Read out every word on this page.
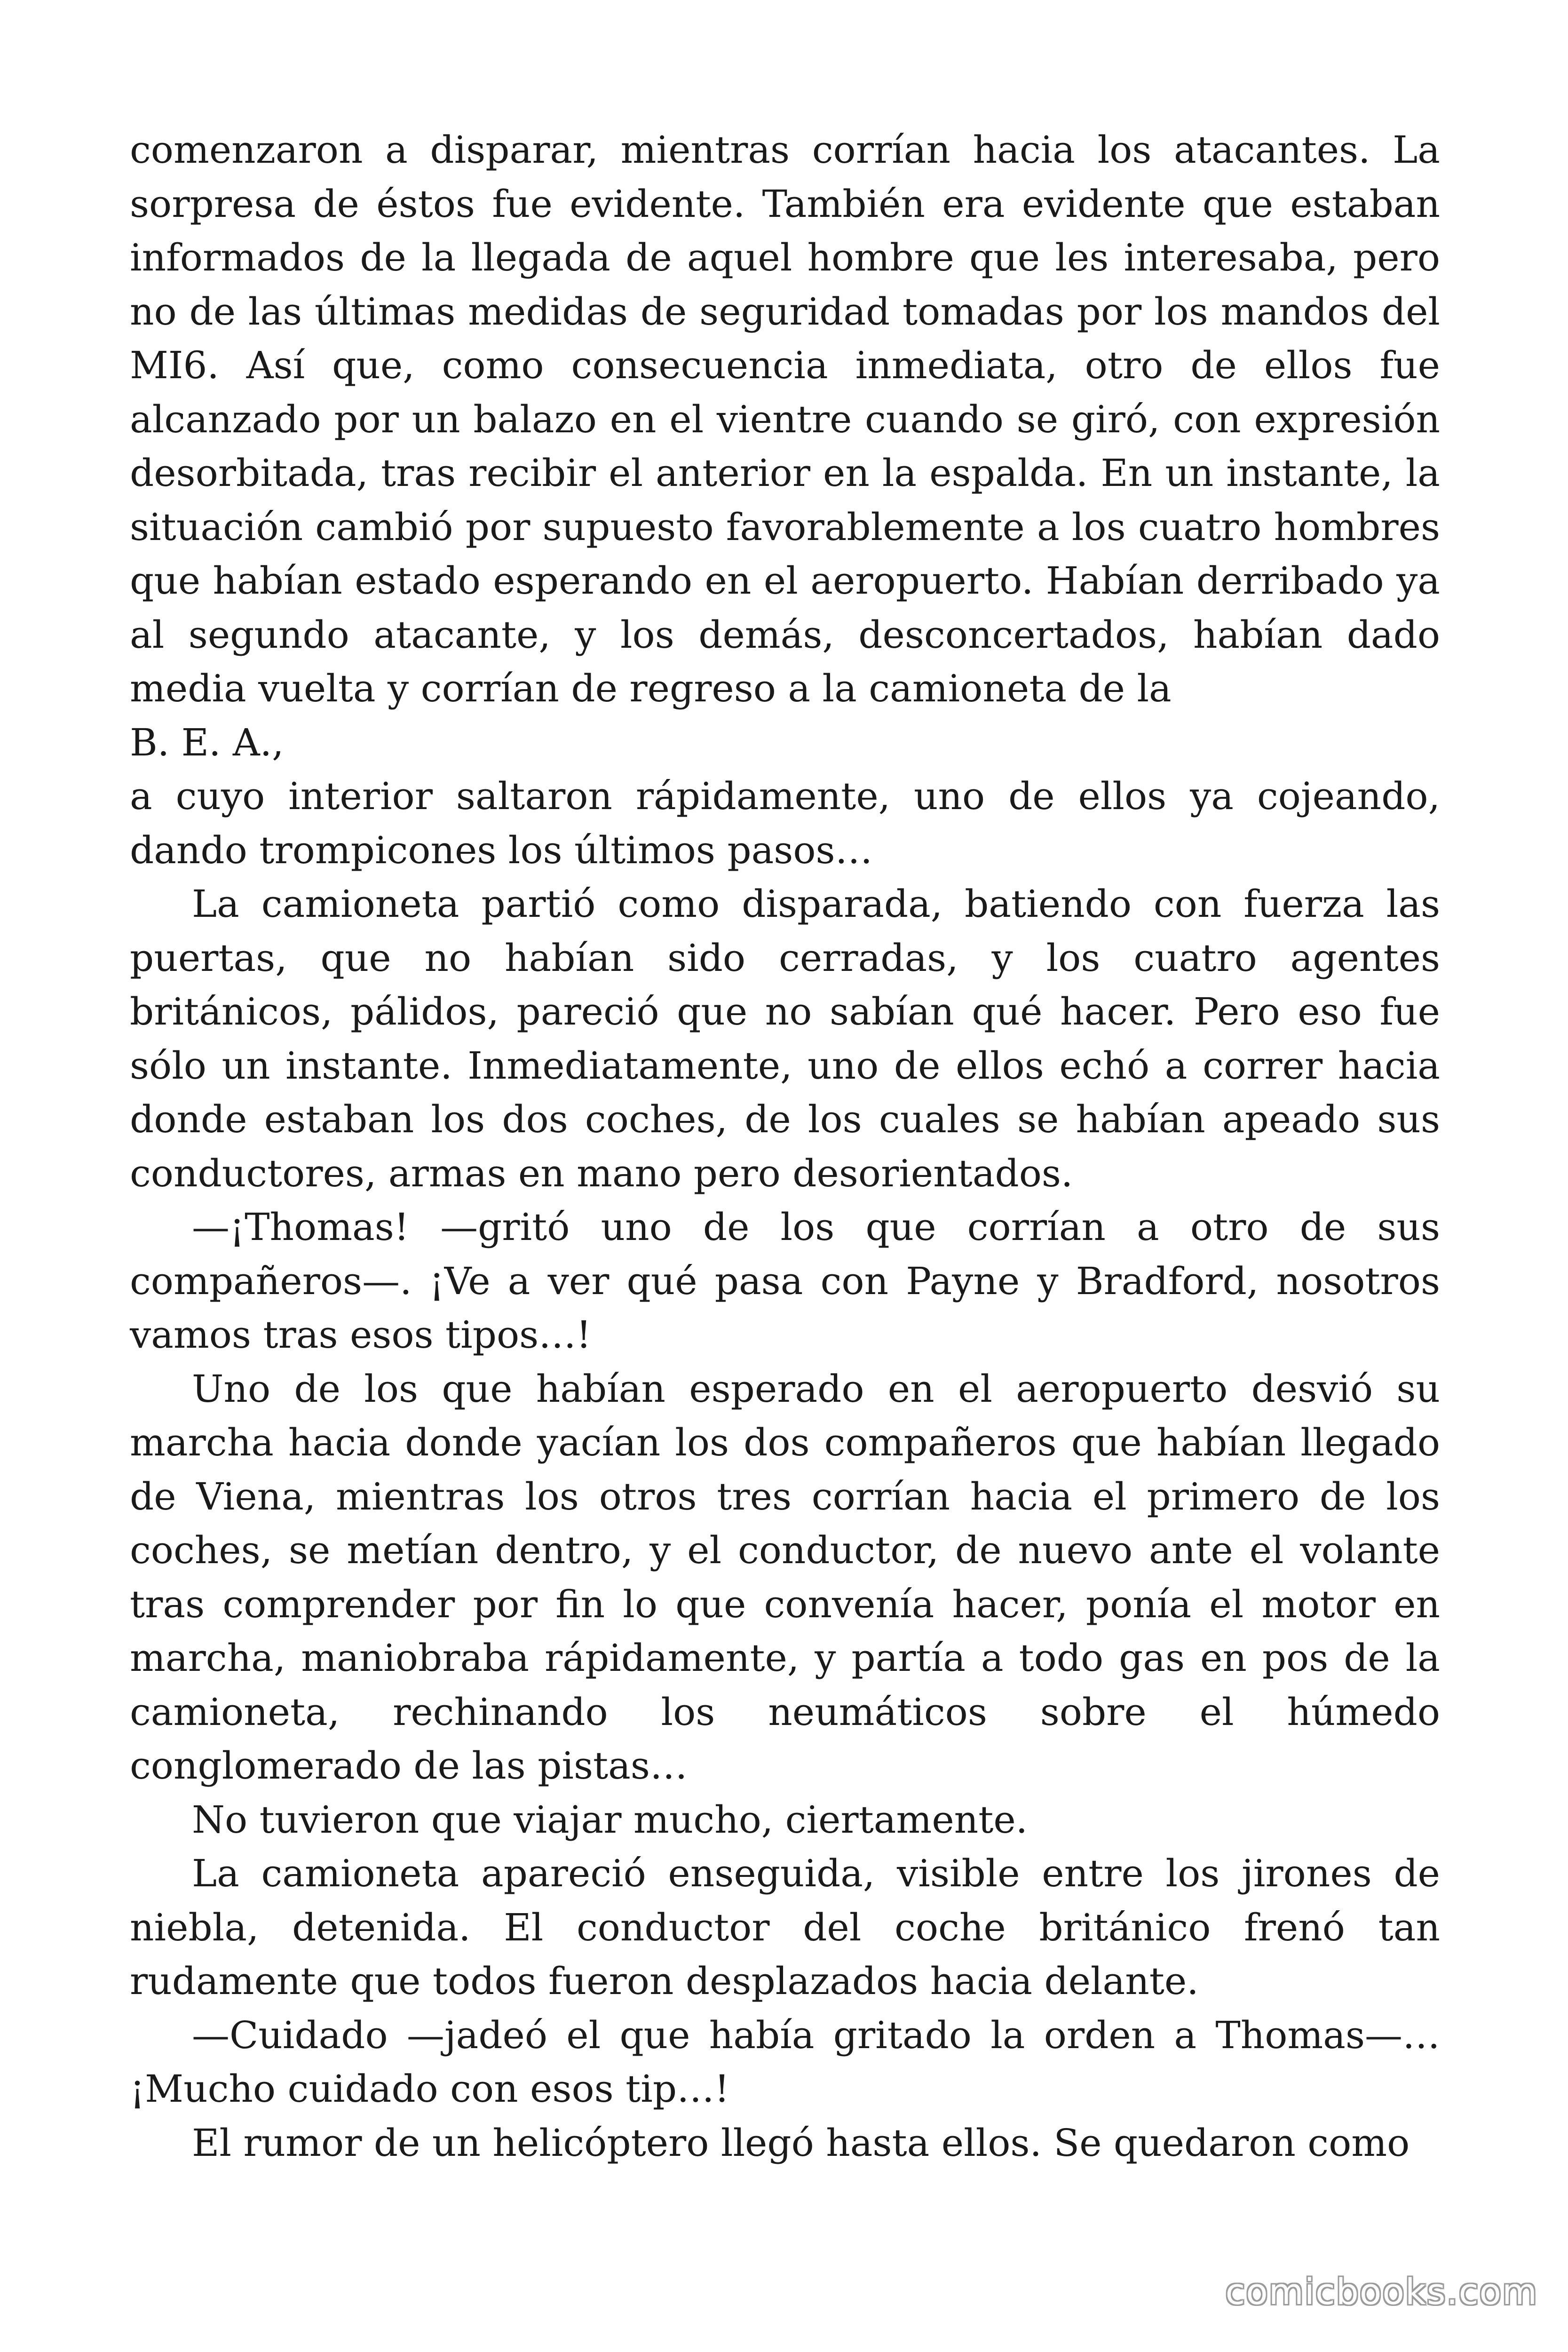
comenzaron a disparar, mientras corrían hacia los atacantes. La sorpresa de éstos fue evidente. También era evidente que estaban informados de la llegada de aquel hombre que les interesaba, pero no de las últimas medidas de seguridad tomadas por los mandos del MI6. Así que, como consecuencia inmediata, otro de ellos fue alcanzado por un balazo en el vientre cuando se giró, con expresión desorbitada, tras recibir el anterior en la espalda. En un instante, la situación cambió por supuesto favorablemente a los cuatro hombres que habían estado esperando en el aeropuerto. Habían derribado ya al segundo atacante, y los demás, desconcertados, habían dado media vuelta y corrían de regreso a la camioneta de la

B. E. A.,

a cuyo interior saltaron rápidamente, uno de ellos ya cojeando, dando trompicones los últimos pasos…

La camioneta partió como disparada, batiendo con fuerza las puertas, que no habían sido cerradas, y los cuatro agentes británicos, pálidos, pareció que no sabían qué hacer. Pero eso fue sólo un instante. Inmediatamente, uno de ellos echó a correr hacia donde estaban los dos coches, de los cuales se habían apeado sus conductores, armas en mano pero desorientados.

—¡Thomas! —gritó uno de los que corrían a otro de sus compañeros—. ¡Ve a ver qué pasa con Payne y Bradford, nosotros vamos tras esos tipos…!

Uno de los que habían esperado en el aeropuerto desvió su marcha hacia donde yacían los dos compañeros que habían llegado de Viena, mientras los otros tres corrían hacia el primero de los coches, se metían dentro, y el conductor, de nuevo ante el volante tras comprender por fin lo que convenía hacer, ponía el motor en marcha, maniobraba rápidamente, y partía a todo gas en pos de la camioneta, rechinando los neumáticos sobre el húmedo conglomerado de las pistas…

No tuvieron que viajar mucho, ciertamente.

La camioneta apareció enseguida, visible entre los jirones de niebla, detenida. El conductor del coche británico frenó tan rudamente que todos fueron desplazados hacia delante.

—Cuidado —jadeó el que había gritado la orden a Thomas—… ¡Mucho cuidado con esos tip…!

El rumor de un helicóptero llegó hasta ellos. Se quedaron como

comicbooks.com
